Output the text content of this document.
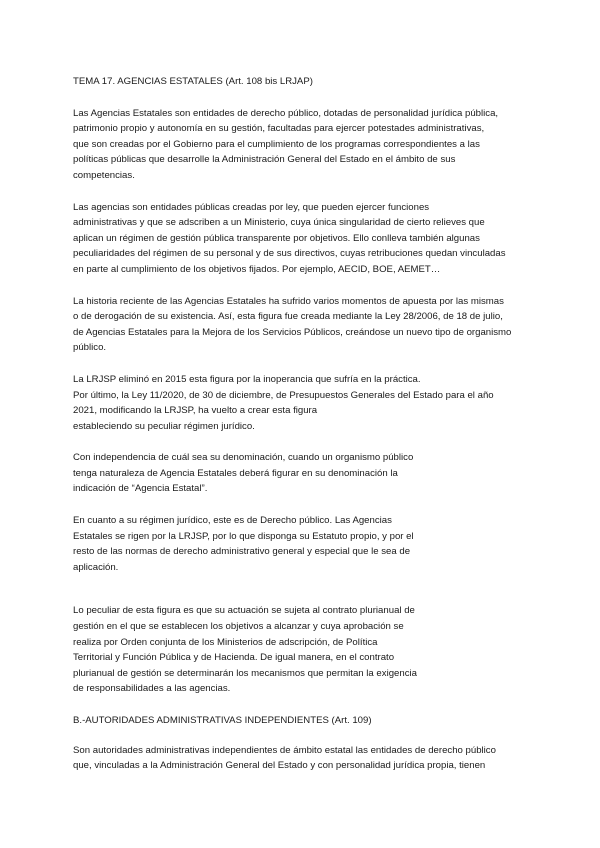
TEMA 17. AGENCIAS ESTATALES (Art. 108 bis LRJAP)
Las Agencias Estatales son entidades de derecho público, dotadas de personalidad jurídica pública,
patrimonio propio y autonomía en su gestión, facultadas para ejercer potestades administrativas,
que son creadas por el Gobierno para el cumplimiento de los programas correspondientes a las
políticas públicas que desarrolle la Administración General del Estado en el ámbito de sus
competencias.
Las agencias son entidades públicas creadas por ley, que pueden ejercer funciones
administrativas y que se adscriben a un Ministerio, cuya única singularidad de cierto relieves que
aplican un régimen de gestión pública transparente por objetivos. Ello conlleva también algunas
peculiaridades del régimen de su personal y de sus directivos, cuyas retribuciones quedan vinculadas
en parte al cumplimiento de los objetivos fijados. Por ejemplo, AECID, BOE, AEMET…
La historia reciente de las Agencias Estatales ha sufrido varios momentos de apuesta por las mismas
o de derogación de su existencia. Así, esta figura fue creada mediante la Ley 28/2006, de 18 de julio,
de Agencias Estatales para la Mejora de los Servicios Públicos, creándose un nuevo tipo de organismo
público.
La LRJSP eliminó en 2015 esta figura por la inoperancia que sufría en la práctica.
Por último, la Ley 11/2020, de 30 de diciembre, de Presupuestos Generales del Estado para el año
2021, modificando la LRJSP, ha vuelto a crear esta figura
estableciendo su peculiar régimen jurídico.
Con independencia de cuál sea su denominación, cuando un organismo público
tenga naturaleza de Agencia Estatales deberá figurar en su denominación la
indicación de “Agencia Estatal”.
En cuanto a su régimen jurídico, este es de Derecho público. Las Agencias
Estatales se rigen por la LRJSP, por lo que disponga su Estatuto propio, y por el
resto de las normas de derecho administrativo general y especial que le sea de
aplicación.
Lo peculiar de esta figura es que su actuación se sujeta al contrato plurianual de
gestión en el que se establecen los objetivos a alcanzar y cuya aprobación se
realiza por Orden conjunta de los Ministerios de adscripción, de Política
Territorial y Función Pública y de Hacienda. De igual manera, en el contrato
plurianual de gestión se determinarán los mecanismos que permitan la exigencia
de responsabilidades a las agencias.
B.-AUTORIDADES ADMINISTRATIVAS INDEPENDIENTES (Art. 109)
Son autoridades administrativas independientes de ámbito estatal las entidades de derecho público
que, vinculadas a la Administración General del Estado y con personalidad jurídica propia, tienen
